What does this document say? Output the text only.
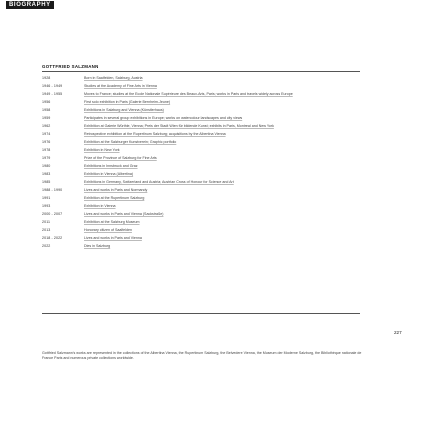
BIOGRAPHY
GOTTFRIED SALZMANN
1928	Born in Saalfelden, Salzburg, Austria
1946 - 1949	Studies at the Academy of Fine Arts in Vienna
1949 - 1955	Moves to France; studies at the Ecole Nationale Supérieure des Beaux-Arts, Paris; works in Paris and travels widely across Europe
1956	First solo exhibition in Paris (Galerie Bernheim-Jeune)
1958	Exhibitions in Salzburg and Vienna (Künstlerhaus)
1959	Participates in several group exhibitions in Europe; works on watercolour landscapes and city views
1962	Exhibition at Galerie Würthle, Vienna; Preis der Stadt Wien für bildende Kunst; exhibits in Paris, Montreal and New York
1974	Retrospective exhibition at the Rupertinum Salzburg; acquisitions by the Albertina Vienna
1976	Exhibition at the Salzburger Kunstverein; Graphic portfolio
1978	Exhibition in New York
1979	Prize of the Province of Salzburg for Fine Arts
1980	Exhibitions in Innsbruck and Graz
1983	Exhibition in Vienna (Albertina)
1985	Exhibitions in Germany, Switzerland and Austria; Austrian Cross of Honour for Science and Art
1988 - 1990	Lives and works in Paris and Normandy
1991	Exhibition at the Rupertinum Salzburg
1993	Exhibition in Vienna
2000 - 2007	Lives and works in Paris and Vienna (Sackstraße)
2011	Exhibition at the Salzburg Museum
2013	Honorary citizen of Saalfelden
2018 - 2022	Lives and works in Paris and Vienna
2022	Dies in Salzburg
227
Gottfried Salzmann's works are represented in the collections of the Albertina Vienna, the Rupertinum Salzburg, the Belvedere Vienna, the Museum der Moderne Salzburg, the Bibliothèque nationale de France Paris and numerous private collections worldwide.
